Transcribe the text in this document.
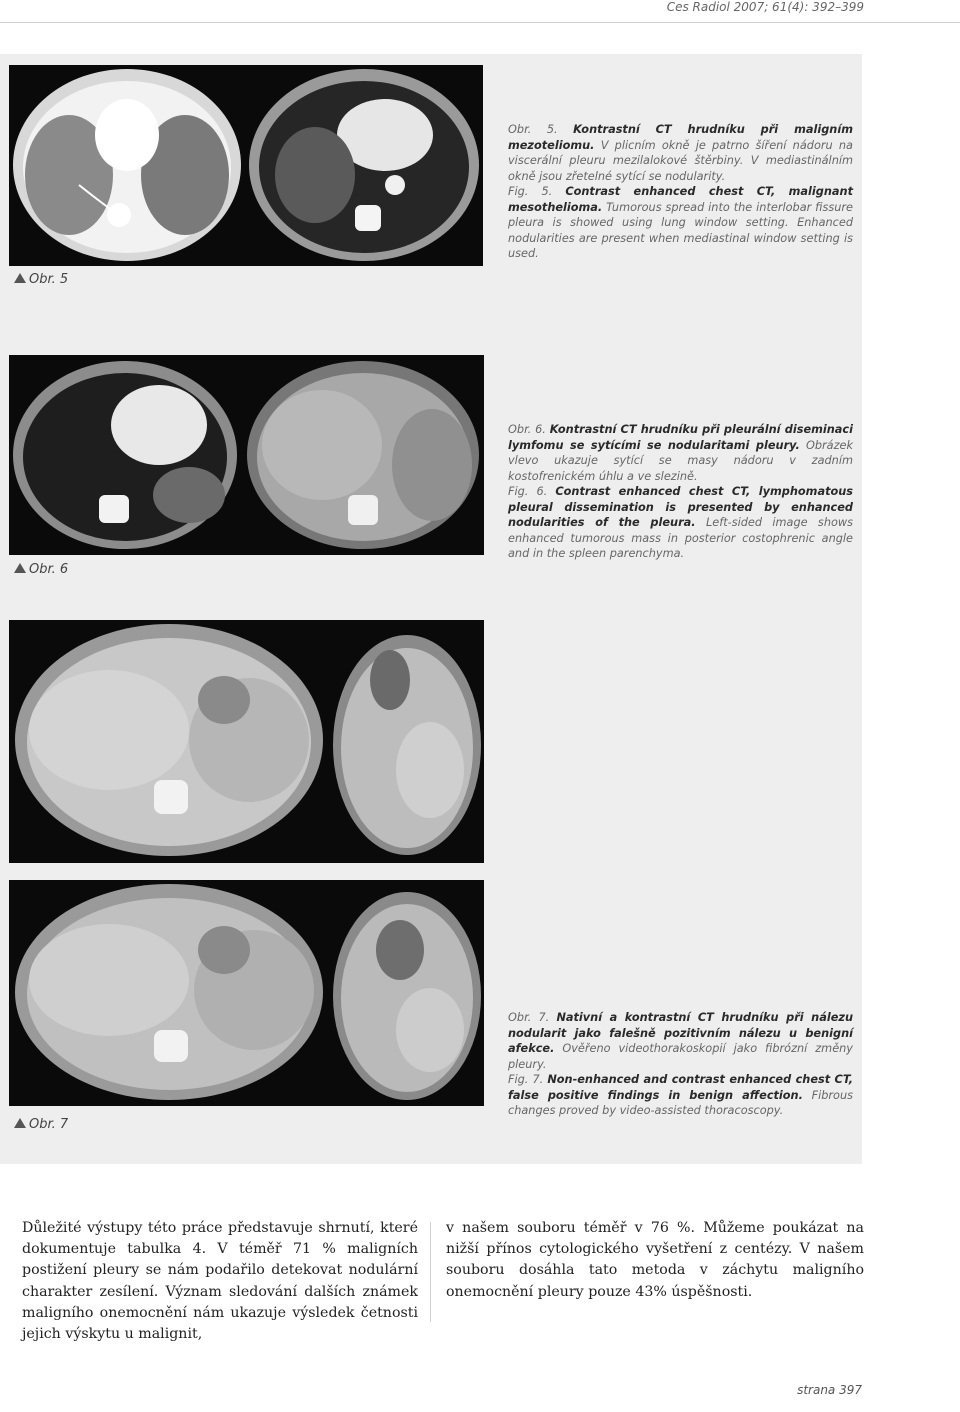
Ces Radiol 2007; 61(4): 392–399
Obr. 5

Obr. 5. Kontrastní CT hrudníku při maligním mezoteliomu. V plicním okně je patrno šíření nádoru na viscerální pleuru mezilalokové štěrbiny. V mediastinálním okně jsou zřetelné sytící se nodularity.

Fig. 5. Contrast enhanced chest CT, malignant mesothelioma. Tumorous spread into the interlobar fissure pleura is showed using lung window setting. Enhanced nodularities are present when mediastinal window setting is used.

Obr. 6

Obr. 6. Kontrastní CT hrudníku při pleurální diseminaci lymfomu se sytícími se nodularitami pleury. Obrázek vlevo ukazuje sytící se masy nádoru v zadním kostofrenickém úhlu a ve slezině.

Fig. 6. Contrast enhanced chest CT, lymphomatous pleural dissemination is presented by enhanced nodularities of the pleura. Left-sided image shows enhanced tumorous mass in posterior costophrenic angle and in the spleen parenchyma.

Obr. 7

Obr. 7. Nativní a kontrastní CT hrudníku při nálezu nodularit jako falešně pozitivním nálezu u benigní afekce. Ověřeno videothorakoskopií jako fibrózní změny pleury.

Fig. 7. Non-enhanced and contrast enhanced chest CT, false positive findings in benign affection. Fibrous changes proved by video-assisted thoracoscopy.

Důležité výstupy této práce představuje shrnutí, které dokumentuje tabulka 4. V téměř 71 % maligních postižení pleury se nám podařilo detekovat nodulární charakter zesílení. Význam sledování dalších známek maligního onemocnění nám ukazuje výsledek četnosti jejich výskytu u malignit,
v našem souboru téměř v 76 %. Můžeme poukázat na nižší přínos cytologického vyšetření z centézy. V našem souboru dosáhla tato metoda v záchytu maligního onemocnění pleury pouze 43% úspěšnosti.
strana 397
